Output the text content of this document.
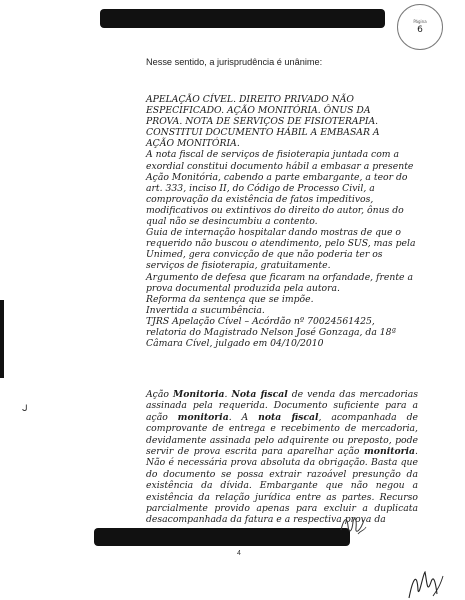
· · · · · · · ·
Página
6
Nesse sentido, a jurisprudência é unânime:

APELAÇÃO CÍVEL. DIREITO PRIVADO NÃO

ESPECIFICADO. AÇÃO MONITÓRIA. ÔNUS DA

PROVA. NOTA DE SERVIÇOS DE FISIOTERAPIA.

CONSTITUI DOCUMENTO HÁBIL A EMBASAR A

AÇÃO MONITÓRIA.

A nota fiscal de serviços de fisioterapia juntada com a

exordial constitui documento hábil a embasar a presente

Ação Monitória, cabendo a parte embargante, a teor do

art. 333, inciso II, do Código de Processo Civil, a

comprovação da existência de fatos impeditivos,

modificativos ou extintivos do direito do autor, ônus do

qual não se desincumbiu a contento.

Guia de internação hospitalar dando mostras de que o

requerido não buscou o atendimento, pelo SUS, mas pela

Unimed, gera convicção de que não poderia ter os

serviços de fisioterapia, gratuitamente.

Argumento de defesa que ficaram na orfandade, frente a

prova documental produzida pela autora.

Reforma da sentença que se impõe.

Invertida a sucumbência.

TJRS Apelação Cível – Acórdão nº 70024561425,

relatoria do Magistrado Nelson José Gonzaga, da 18ª

Câmara Cível, julgado em 04/10/2010

Ação Monitoria. Nota fiscal de venda das mercadorias assinada pela requerida. Documento suficiente para a ação monitoria. A nota fiscal, acompanhada de comprovante de entrega e recebimento de mercadoria, devidamente assinada pelo adquirente ou preposto, pode servir de prova escrita para aparelhar ação monitoria. Não é necessária prova absoluta da obrigação. Basta que do documento se possa extrair razoável presunção da existência da dívida. Embargante que não negou a existência da relação jurídica entre as partes. Recurso parcialmente provido apenas para excluir a duplicata desacompanhada da fatura e a respectiva prova da
ᒍ
4
